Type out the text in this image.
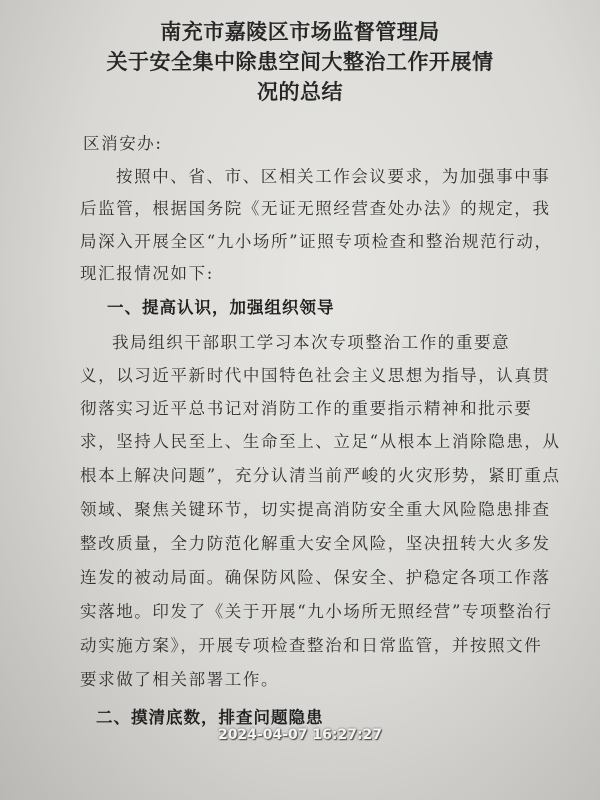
南充市嘉陵区市场监督管理局
关于安全集中除患空间大整治工作开展情
况的总结
区消安办:
按照中、省、市、区相关工作会议要求，为加强事中事
后监管，根据国务院《无证无照经营查处办法》的规定，我
局深入开展全区“九小场所”证照专项检查和整治规范行动，
现汇报情况如下:
一、提高认识，加强组织领导
我局组织干部职工学习本次专项整治工作的重要意
义，以习近平新时代中国特色社会主义思想为指导，认真贯
彻落实习近平总书记对消防工作的重要指示精神和批示要
求，坚持人民至上、生命至上、立足“从根本上消除隐患，从
根本上解决问题”，充分认清当前严峻的火灾形势，紧盯重点
领域、聚焦关键环节，切实提高消防安全重大风险隐患排查
整改质量，全力防范化解重大安全风险，坚决扭转大火多发
连发的被动局面。确保防风险、保安全、护稳定各项工作落
实落地。印发了《关于开展“九小场所无照经营”专项整治行
动实施方案》，开展专项检查整治和日常监管，并按照文件
要求做了相关部署工作。
二、摸清底数，排查问题隐患
2024-04-07 16:27:27
